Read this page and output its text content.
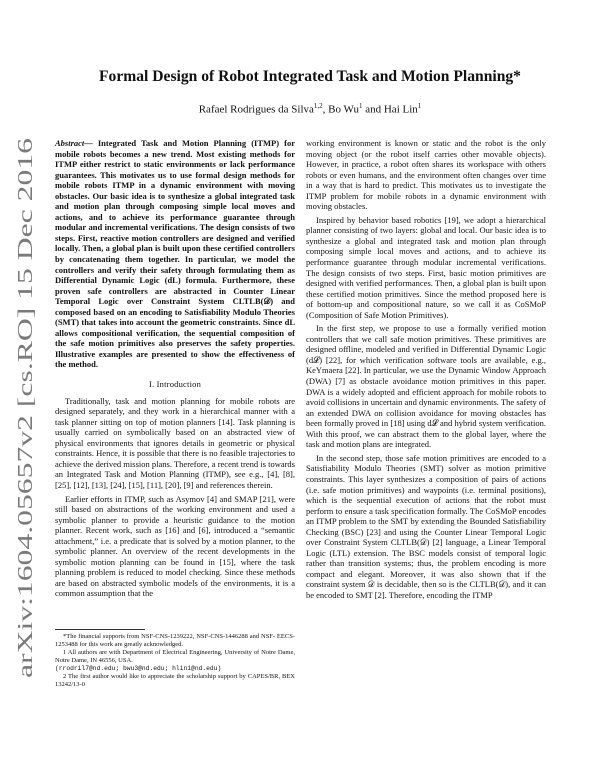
arXiv:1604.05657v2 [cs.RO] 15 Dec 2016
Formal Design of Robot Integrated Task and Motion Planning*
Rafael Rodrigues da Silva$^{1,2}$, Bo Wu$^1$ and Hai Lin$^1$
Abstract— Integrated Task and Motion Planning (ITMP) for mobile robots becomes a new trend. Most existing methods for ITMP either restrict to static environments or lack performance guarantees. This motivates us to use formal design methods for mobile robots ITMP in a dynamic environment with moving obstacles. Our basic idea is to synthesize a global integrated task and motion plan through composing simple local moves and actions, and to achieve its performance guarantee through modular and incremental verifications. The design consists of two steps. First, reactive motion controllers are designed and verified locally. Then, a global plan is built upon these certified controllers by concatenating them together. In particular, we model the controllers and verify their safety through formulating them as Differential Dynamic Logic (dL) formula. Furthermore, these proven safe controllers are abstracted in Counter Linear Temporal Logic over Constraint System CLTLB(𝒟) and composed based on an encoding to Satisfiability Modulo Theories (SMT) that takes into account the geometric constraints. Since dL allows compositional verification, the sequential composition of the safe motion primitives also preserves the safety properties. Illustrative examples are presented to show the effectiveness of the method.
I. Introduction
Traditionally, task and motion planning for mobile robots are designed separately, and they work in a hierarchical manner with a task planner sitting on top of motion planners [14]. Task planning is usually carried on symbolically based on an abstracted view of physical environments that ignores details in geometric or physical constraints. Hence, it is possible that there is no feasible trajectories to achieve the derived mission plans. Therefore, a recent trend is towards an Integrated Task and Motion Planning (ITMP), see e.g., [4], [8], [25], [12], [13], [24], [15], [11], [20], [9] and references therein.
Earlier efforts in ITMP, such as Asymov [4] and SMAP [21], were still based on abstractions of the working environment and used a symbolic planner to provide a heuristic guidance to the motion planner. Recent work, such as [16] and [6], introduced a “semantic attachment,” i.e. a predicate that is solved by a motion planner, to the symbolic planner. An overview of the recent developments in the symbolic motion planning can be found in [15], where the task planning problem is reduced to model checking. Since these methods are based on abstracted symbolic models of the environments, it is a common assumption that the
*The financial supports from NSF-CNS-1239222, NSF-CNS-1446288 and NSF- EECS-1253488 for this work are greatly acknowledged.
1 All authors are with Department of Electrical Engineering, University of Notre Dame, Notre Dame, IN 46556, USA.
(rrodril7@nd.edu; bwu3@nd.edu; hlin1@nd.edu)
2 The first author would like to appreciate the scholarship support by CAPES/BR, BEX 13242/13-0
working environment is known or static and the robot is the only moving object (or the robot itself carries other movable objects). However, in practice, a robot often shares its workspace with others robots or even humans, and the environment often changes over time in a way that is hard to predict. This motivates us to investigate the ITMP problem for mobile robots in a dynamic environment with moving obstacles.
Inspired by behavior based robotics [19], we adopt a hierarchical planner consisting of two layers: global and local. Our basic idea is to synthesize a global and integrated task and motion plan through composing simple local moves and actions, and to achieve its performance guarantee through modular incremental verifications. The design consists of two steps. First, basic motion primitives are designed with verified performances. Then, a global plan is built upon these certified motion primitives. Since the method proposed here is of bottom-up and compositional nature, so we call it as CoSMoP (Composition of Safe Motion Primitives).
In the first step, we propose to use a formally verified motion controllers that we call safe motion primitives. These primitives are designed offline, modeled and verified in Differential Dynamic Logic (d𝓛) [22], for which verification software tools are available, e.g., KeYmaera [22]. In particular, we use the Dynamic Window Approach (DWA) [7] as obstacle avoidance motion primitives in this paper. DWA is a widely adopted and efficient approach for mobile robots to avoid collisions in uncertain and dynamic environments. The safety of an extended DWA on collision avoidance for moving obstacles has been formally proved in [18] using d𝓛 and hybrid system verification. With this proof, we can abstract them to the global layer, where the task and motion plans are integrated.
In the second step, those safe motion primitives are encoded to a Satisfiability Modulo Theories (SMT) solver as motion primitive constraints. This layer synthesizes a composition of pairs of actions (i.e. safe motion primitives) and waypoints (i.e. terminal positions), which is the sequential execution of actions that the robot must perform to ensure a task specification formally. The CoSMoP encodes an ITMP problem to the SMT by extending the Bounded Satisfiability Checking (BSC) [23] and using the Counter Linear Temporal Logic over Constraint System CLTLB(𝒟) [2] language, a Linear Temporal Logic (LTL) extension. The BSC models consist of temporal logic rather than transition systems; thus, the problem encoding is more compact and elegant. Moreover, it was also shown that if the constraint system 𝒟 is decidable, then so is the CLTLB(𝒟), and it can be encoded to SMT [2]. Therefore, encoding the ITMP
